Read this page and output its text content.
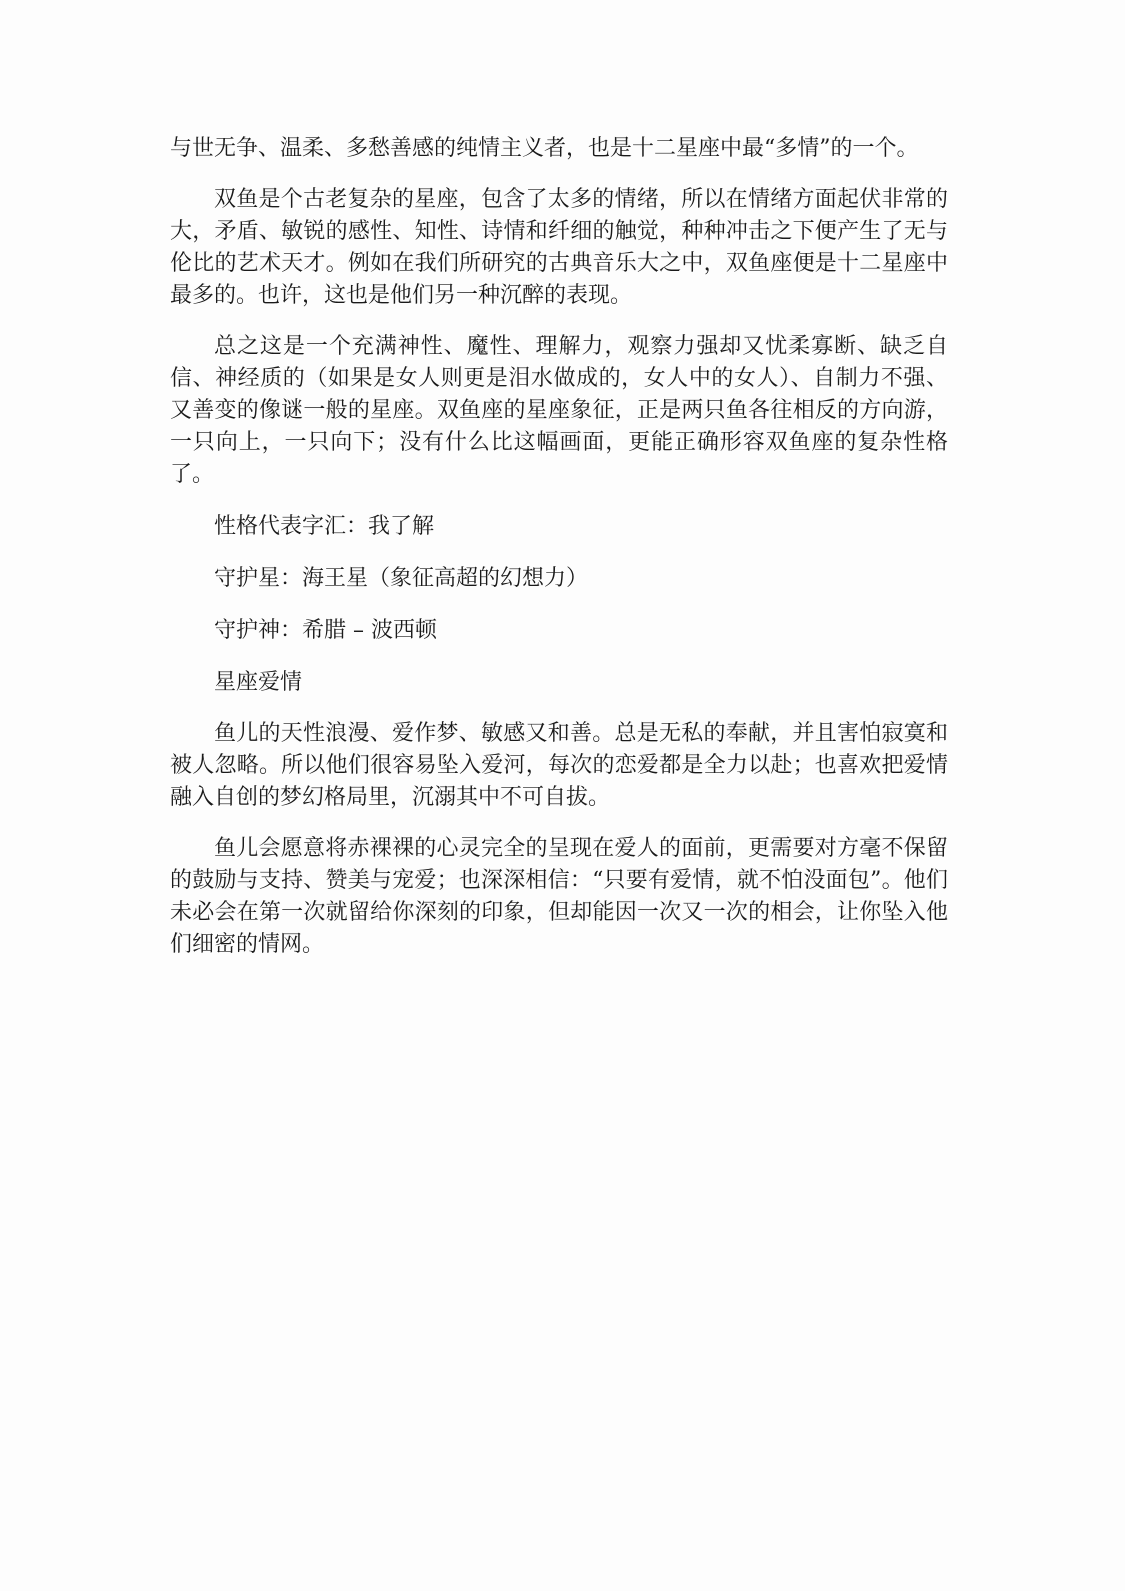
与世无争、温柔、多愁善感的纯情主义者，也是十二星座中最“多情”的一个。

双鱼是个古老复杂的星座，包含了太多的情绪，所以在情绪方面起伏非常的大，矛盾、敏锐的感性、知性、诗情和纤细的触觉，种种冲击之下便产生了无与伦比的艺术天才。例如在我们所研究的古典音乐大之中，双鱼座便是十二星座中最多的。也许，这也是他们另一种沉醉的表现。

总之这是一个充满神性、魔性、理解力，观察力强却又忧柔寡断、缺乏自信、神经质的（如果是女人则更是泪水做成的，女人中的女人）、自制力不强、又善变的像谜一般的星座。双鱼座的星座象征，正是两只鱼各往相反的方向游，一只向上，一只向下；没有什么比这幅画面，更能正确形容双鱼座的复杂性格了。

性格代表字汇：我了解

守护星：海王星（象征高超的幻想力）

守护神：希腊 – 波西顿

星座爱情

鱼儿的天性浪漫、爱作梦、敏感又和善。总是无私的奉献，并且害怕寂寞和被人忽略。所以他们很容易坠入爱河，每次的恋爱都是全力以赴；也喜欢把爱情融入自创的梦幻格局里，沉溺其中不可自拔。

鱼儿会愿意将赤裸裸的心灵完全的呈现在爱人的面前，更需要对方毫不保留的鼓励与支持、赞美与宠爱；也深深相信：“只要有爱情，就不怕没面包”。他们未必会在第一次就留给你深刻的印象，但却能因一次又一次的相会，让你坠入他们细密的情网。
